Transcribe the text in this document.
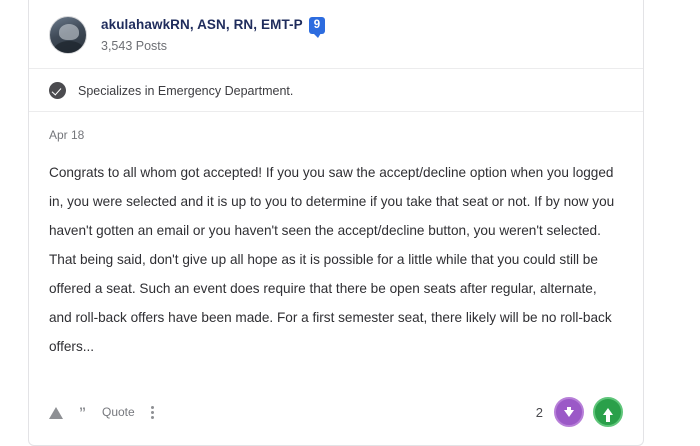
akulahawkRN, ASN, RN, EMT-P 9
3,543 Posts
Specializes in Emergency Department.
Apr 18

Congrats to all whom got accepted! If you you saw the accept/decline option when you logged in, you were selected and it is up to you to determine if you take that seat or not. If by now you haven't gotten an email or you haven't seen the accept/decline button, you weren't selected. That being said, don't give up all hope as it is possible for a little while that you could still be offered a seat. Such an event does require that there be open seats after regular, alternate, and roll-back offers have been made. For a first semester seat, there likely will be no roll-back offers...

” Quote	2
